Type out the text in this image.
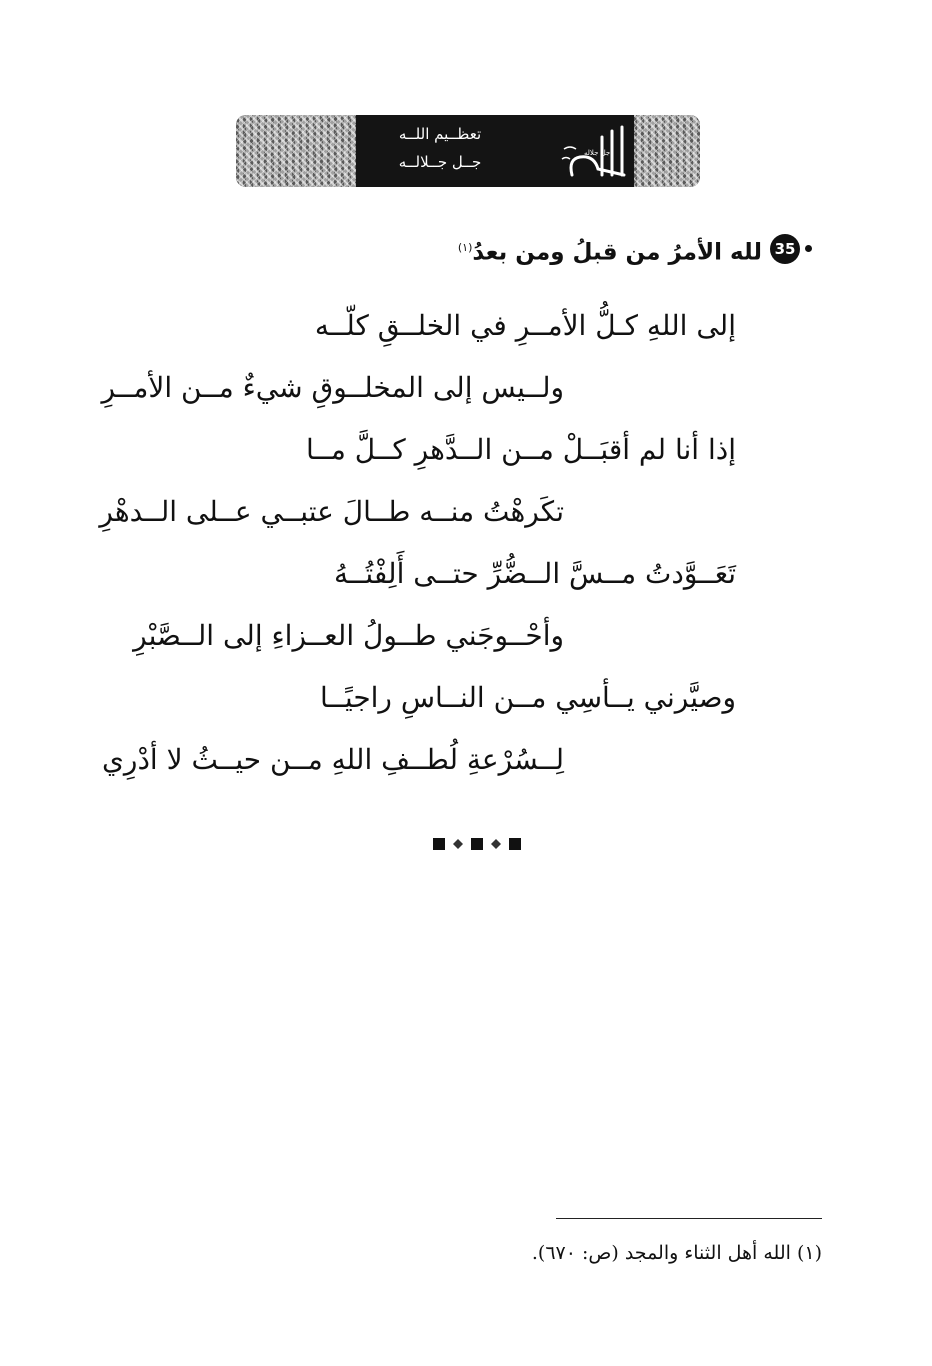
تعظــيم اللــه
جــل جــلالــه	جل جلاله
35
لله الأمرُ من قبلُ ومن بعدُ$^{(١)}$
إلى اللهِ كـلُّ الأمــرِ في الخلــقِ كلّــه
ولــيس إلى المخلــوقِ شيءٌ مــن الأمــرِ
إذا أنا لم أقبَــلْ مــن الــدَّهرِ كــلَّ مــا
تكَرهْتُ منــه طــالَ عتبــي عــلى الــدهْرِ
تَعَــوَّدتُ مــسَّ الــضُّرِّ حتــى أَلِفْتُــهُ
وأحْــوجَني طــولُ العــزاءِ إلى الــصَّبْرِ
وصيَّرني يــأسِي مــن النــاسِ راجيًــا
لِــسُرْعةِ لُطــفِ اللهِ مــن حيــثُ لا أدْرِي
(١) الله أهل الثناء والمجد (ص: ٦٧٠).
